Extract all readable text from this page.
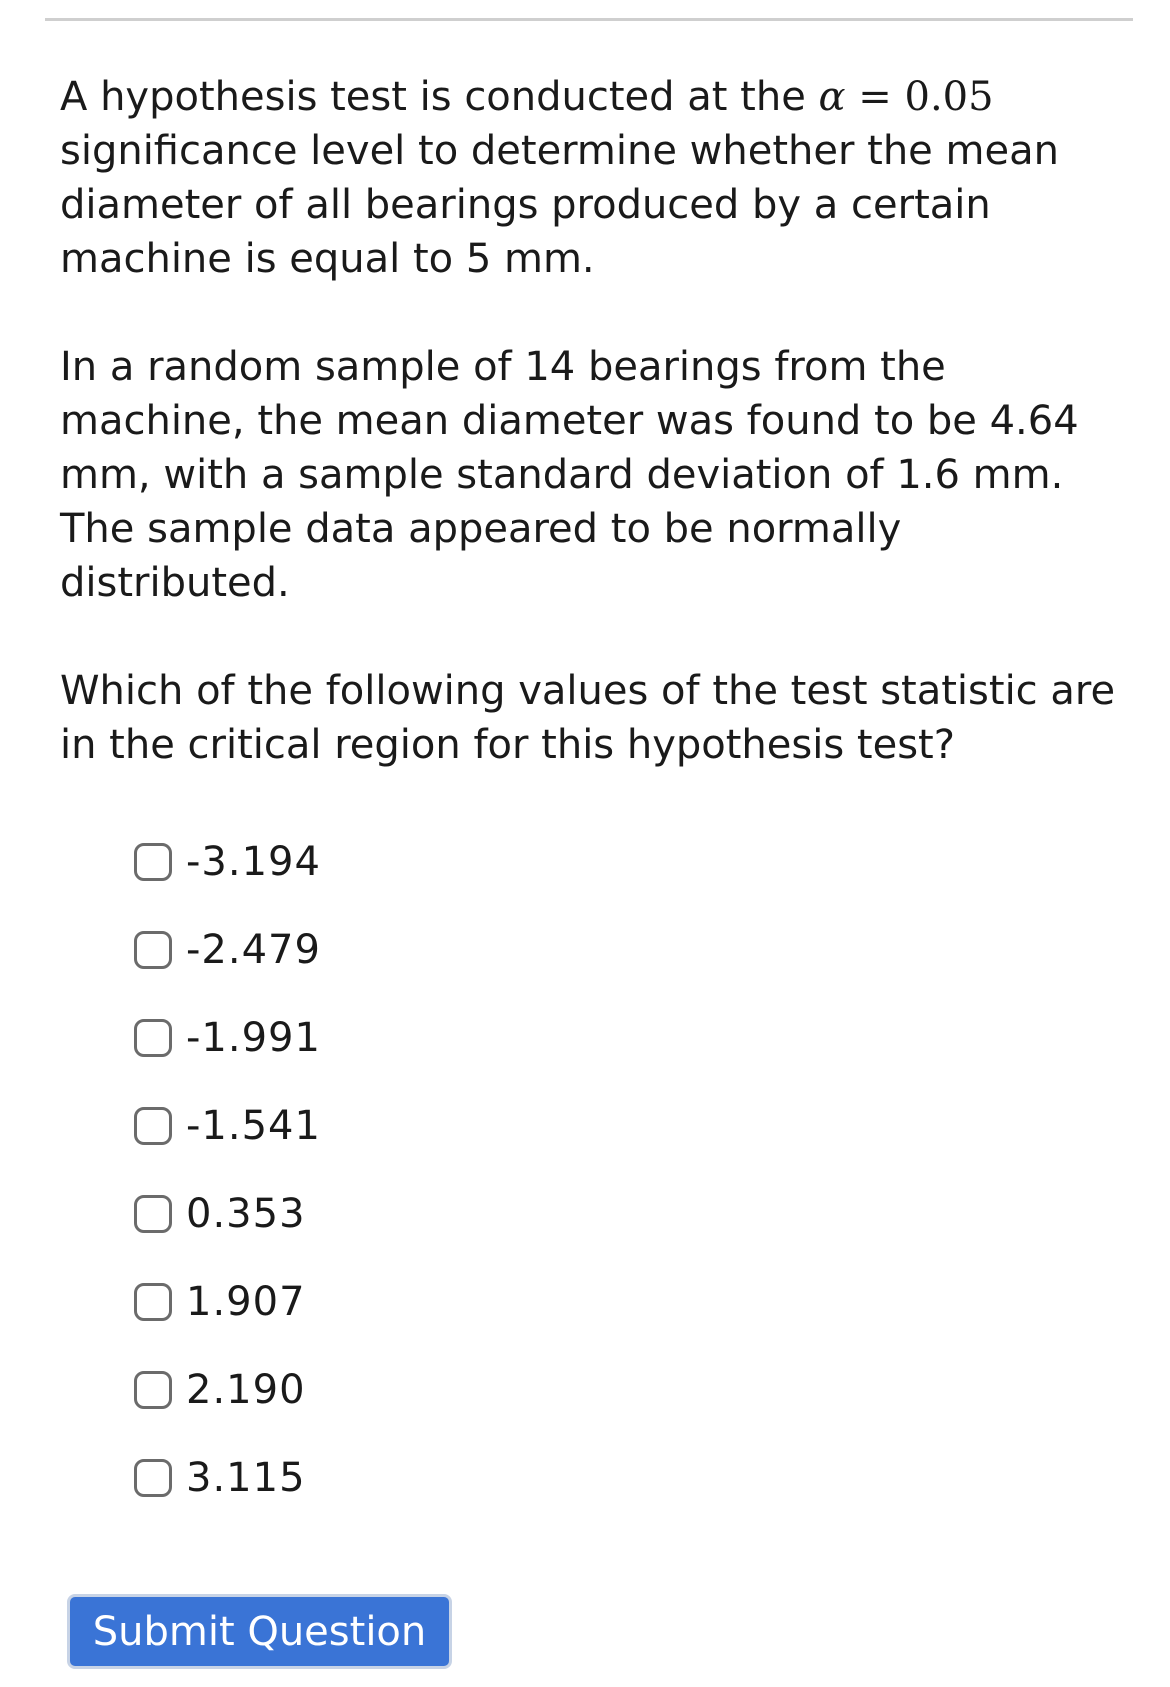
A hypothesis test is conducted at the α = 0.05 significance level to determine whether the mean diameter of all bearings produced by a certain machine is equal to 5 mm.

In a random sample of 14 bearings from the machine, the mean diameter was found to be 4.64 mm, with a sample standard deviation of 1.6 mm. The sample data appeared to be normally distributed.

Which of the following values of the test statistic are in the critical region for this hypothesis test?

-3.194
-2.479
-1.991
-1.541
0.353
1.907
2.190
3.115
Submit Question
